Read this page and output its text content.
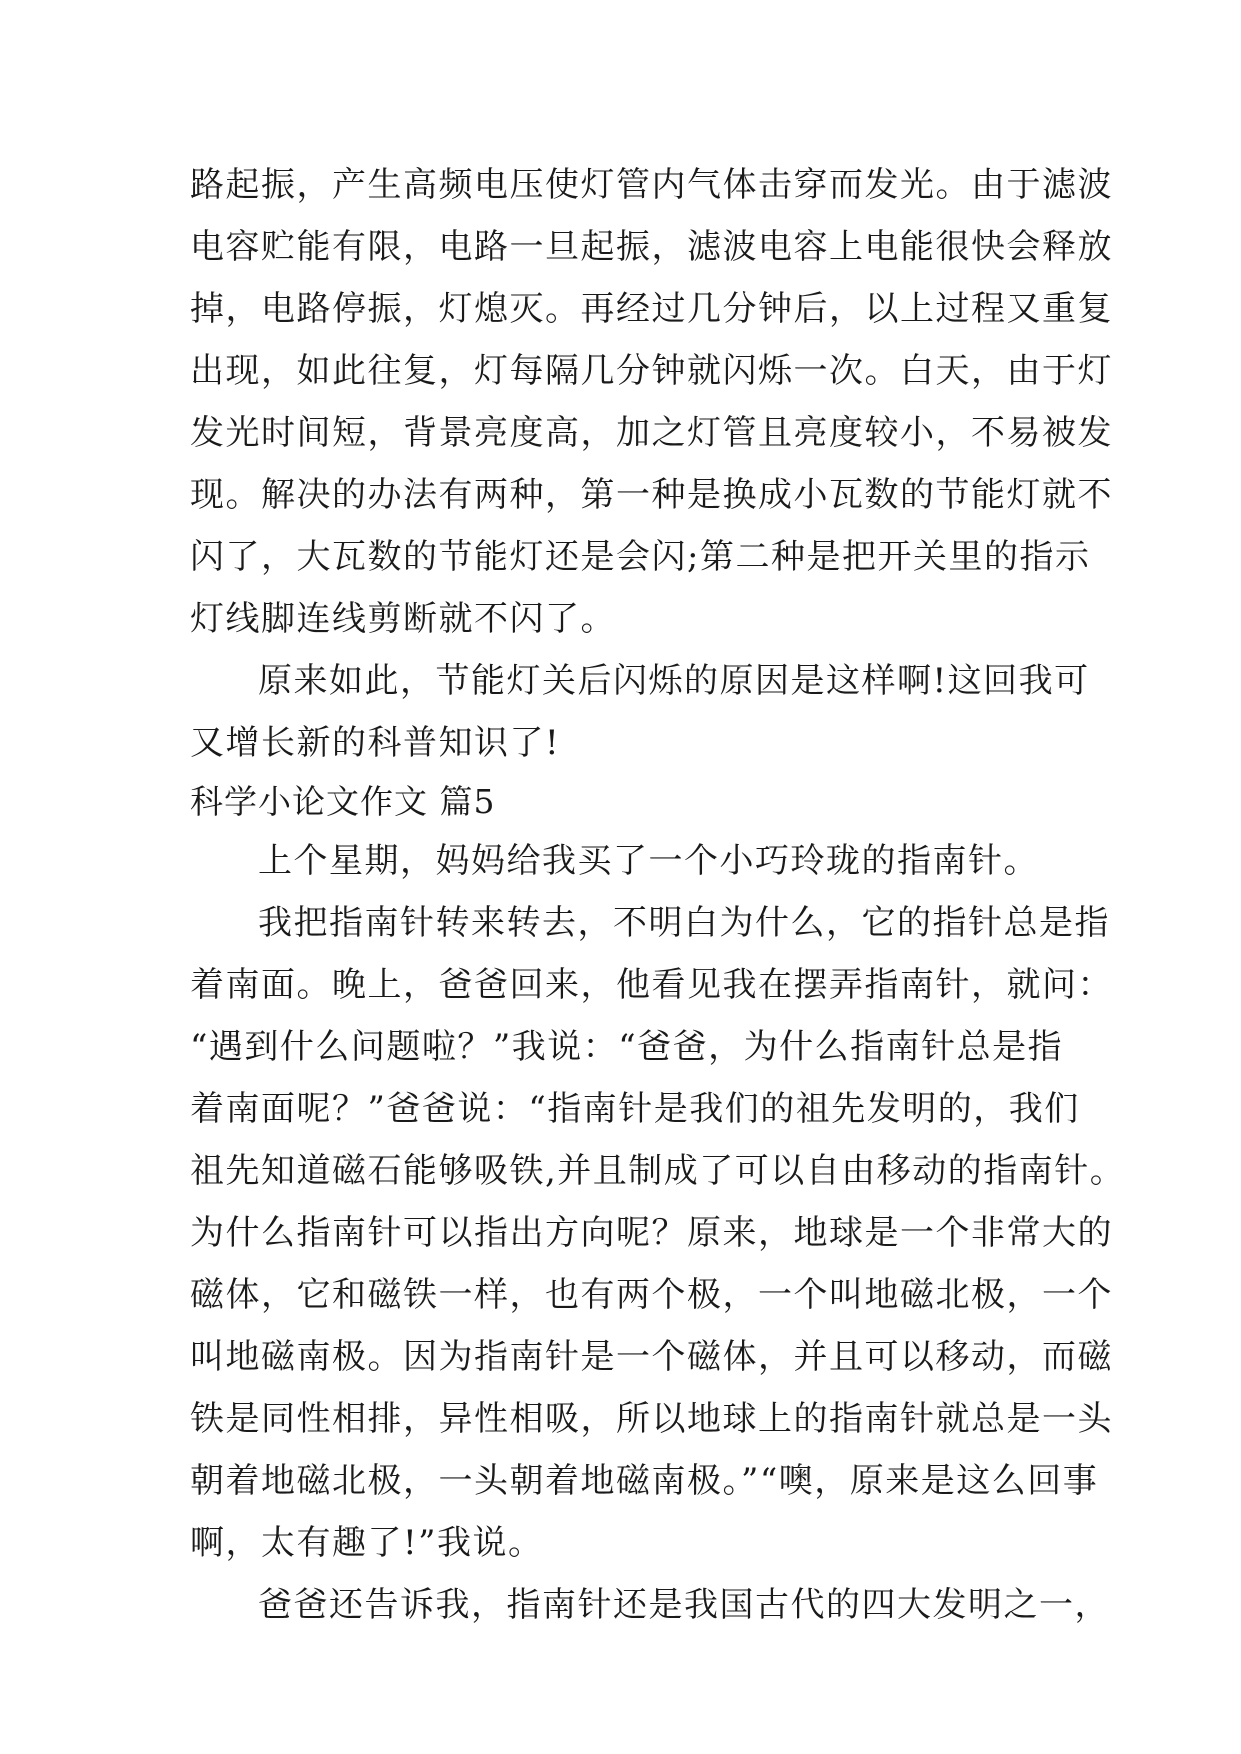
路起振，产生高频电压使灯管内气体击穿而发光。由于滤波
电容贮能有限，电路一旦起振，滤波电容上电能很快会释放
掉，电路停振，灯熄灭。再经过几分钟后，以上过程又重复
出现，如此往复，灯每隔几分钟就闪烁一次。白天，由于灯
发光时间短，背景亮度高，加之灯管且亮度较小，不易被发
现。解决的办法有两种，第一种是换成小瓦数的节能灯就不
闪了，大瓦数的节能灯还是会闪;第二种是把开关里的指示
灯线脚连线剪断就不闪了。
原来如此，节能灯关后闪烁的原因是这样啊!这回我可
又增长新的科普知识了!
科学小论文作文 篇5
上个星期，妈妈给我买了一个小巧玲珑的指南针。
我把指南针转来转去，不明白为什么，它的指针总是指
着南面。晚上，爸爸回来，他看见我在摆弄指南针，就问：
“遇到什么问题啦？”我说：“爸爸，为什么指南针总是指
着南面呢？”爸爸说：“指南针是我们的祖先发明的，我们
祖先知道磁石能够吸铁,并且制成了可以自由移动的指南针。
为什么指南针可以指出方向呢？原来，地球是一个非常大的
磁体，它和磁铁一样，也有两个极，一个叫地磁北极，一个
叫地磁南极。因为指南针是一个磁体，并且可以移动，而磁
铁是同性相排，异性相吸，所以地球上的指南针就总是一头
朝着地磁北极，一头朝着地磁南极。”“噢，原来是这么回事
啊，太有趣了!”我说。
爸爸还告诉我，指南针还是我国古代的四大发明之一，
